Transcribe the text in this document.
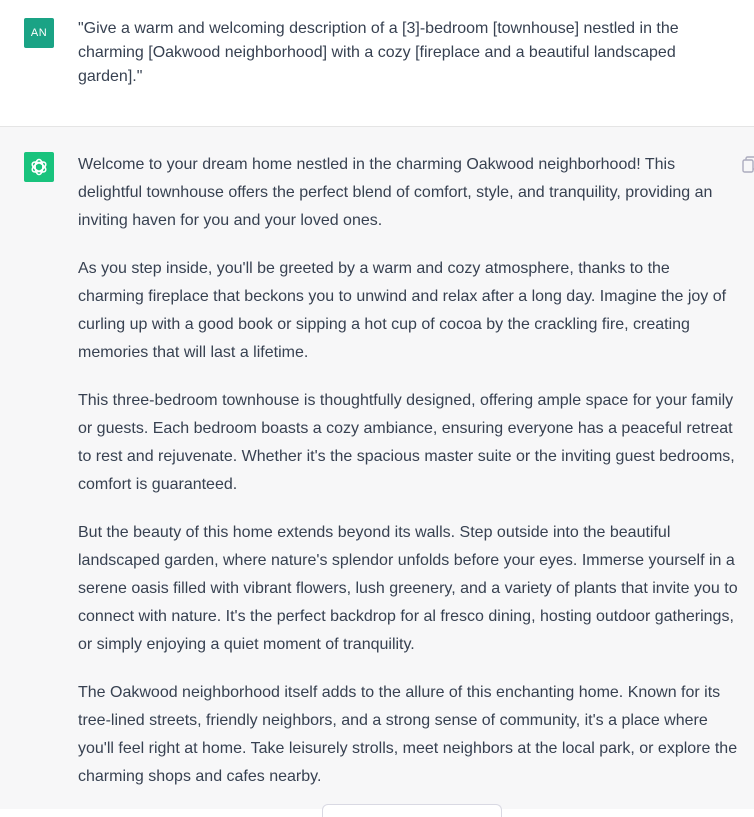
AN	"Give a warm and welcoming description of a [3]-bedroom [townhouse] nestled in the charming [Oakwood neighborhood] with a cozy [fireplace and a beautiful landscaped garden]."

Welcome to your dream home nestled in the charming Oakwood neighborhood! This delightful townhouse offers the perfect blend of comfort, style, and tranquility, providing an inviting haven for you and your loved ones.

As you step inside, you'll be greeted by a warm and cozy atmosphere, thanks to the charming fireplace that beckons you to unwind and relax after a long day. Imagine the joy of curling up with a good book or sipping a hot cup of cocoa by the crackling fire, creating memories that will last a lifetime.

This three-bedroom townhouse is thoughtfully designed, offering ample space for your family or guests. Each bedroom boasts a cozy ambiance, ensuring everyone has a peaceful retreat to rest and rejuvenate. Whether it's the spacious master suite or the inviting guest bedrooms, comfort is guaranteed.

But the beauty of this home extends beyond its walls. Step outside into the beautiful landscaped garden, where nature's splendor unfolds before your eyes. Immerse yourself in a serene oasis filled with vibrant flowers, lush greenery, and a variety of plants that invite you to connect with nature. It's the perfect backdrop for al fresco dining, hosting outdoor gatherings, or simply enjoying a quiet moment of tranquility.

The Oakwood neighborhood itself adds to the allure of this enchanting home. Known for its tree-lined streets, friendly neighbors, and a strong sense of community, it's a place where you'll feel right at home. Take leisurely strolls, meet neighbors at the local park, or explore the charming shops and cafes nearby.
